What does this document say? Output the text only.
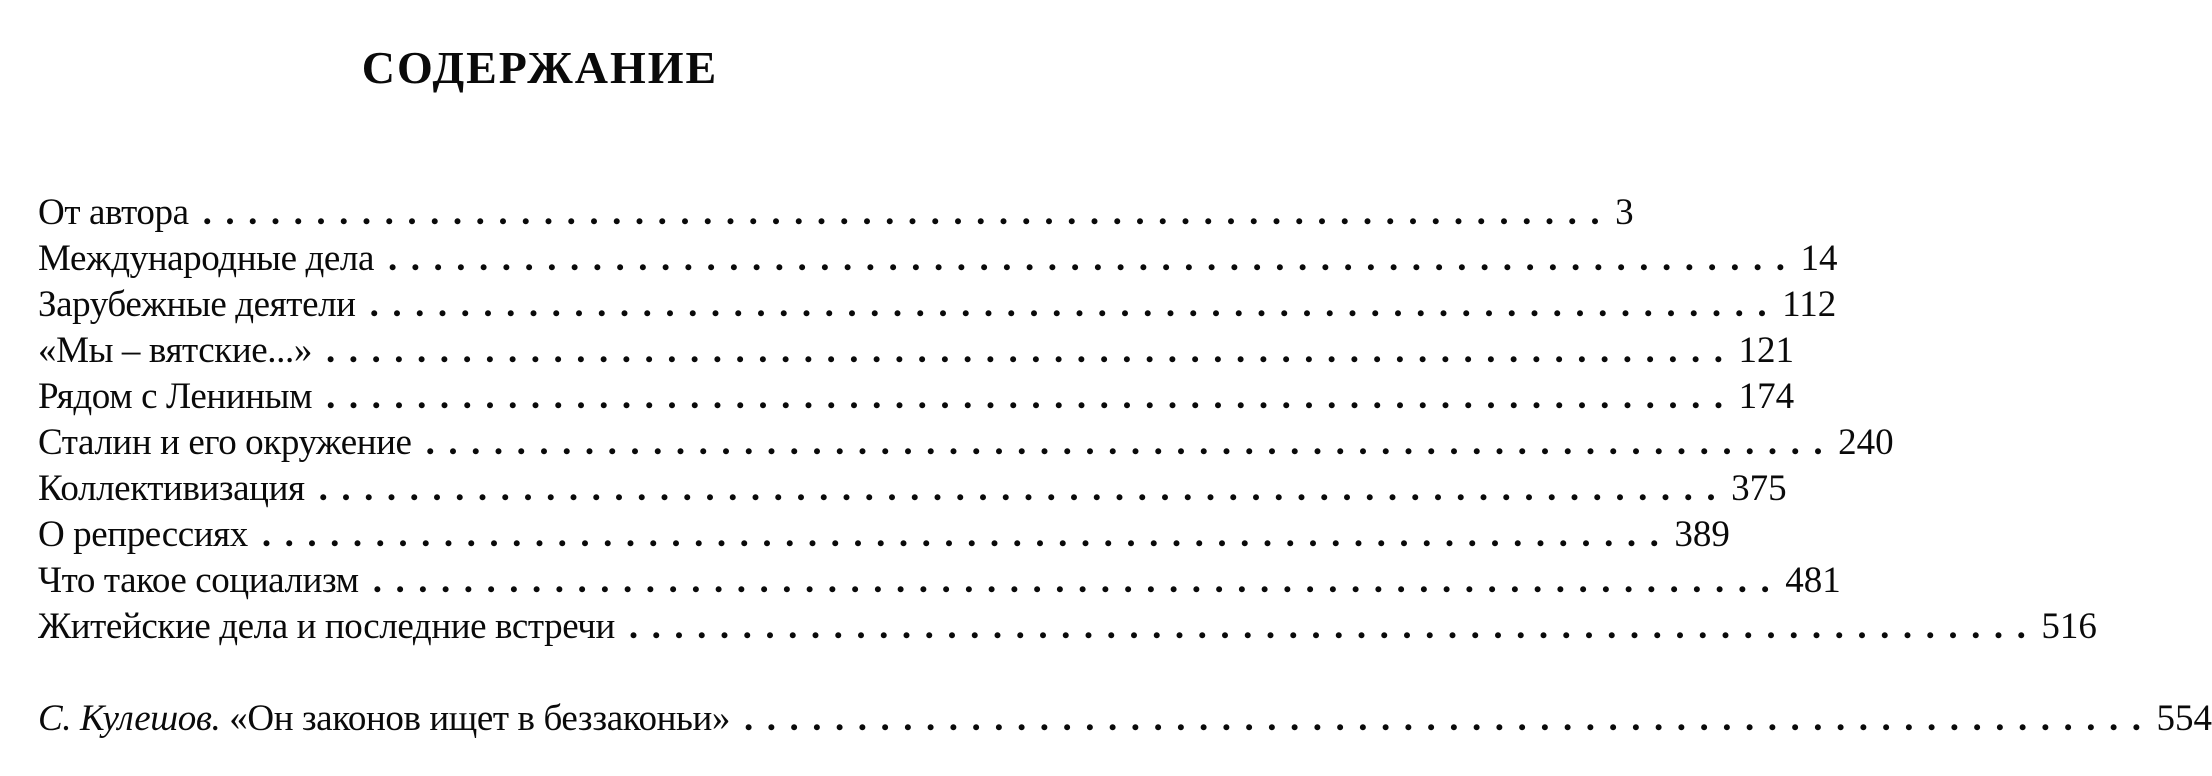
СОДЕРЖАНИЕ
От автора .............................................................. 3
Международные дела .............................................................. 14
Зарубежные деятели .............................................................. 112
«Мы – вятские...» .............................................................. 121
Рядом с Лениным .............................................................. 174
Сталин и его окружение .............................................................. 240
Коллективизация .............................................................. 375
О репрессиях .............................................................. 389
Что такое социализм .............................................................. 481
Житейские дела и последние встречи .............................................................. 516
С. Кулешов. «Он законов ищет в беззаконьи» .............................................................. 554
